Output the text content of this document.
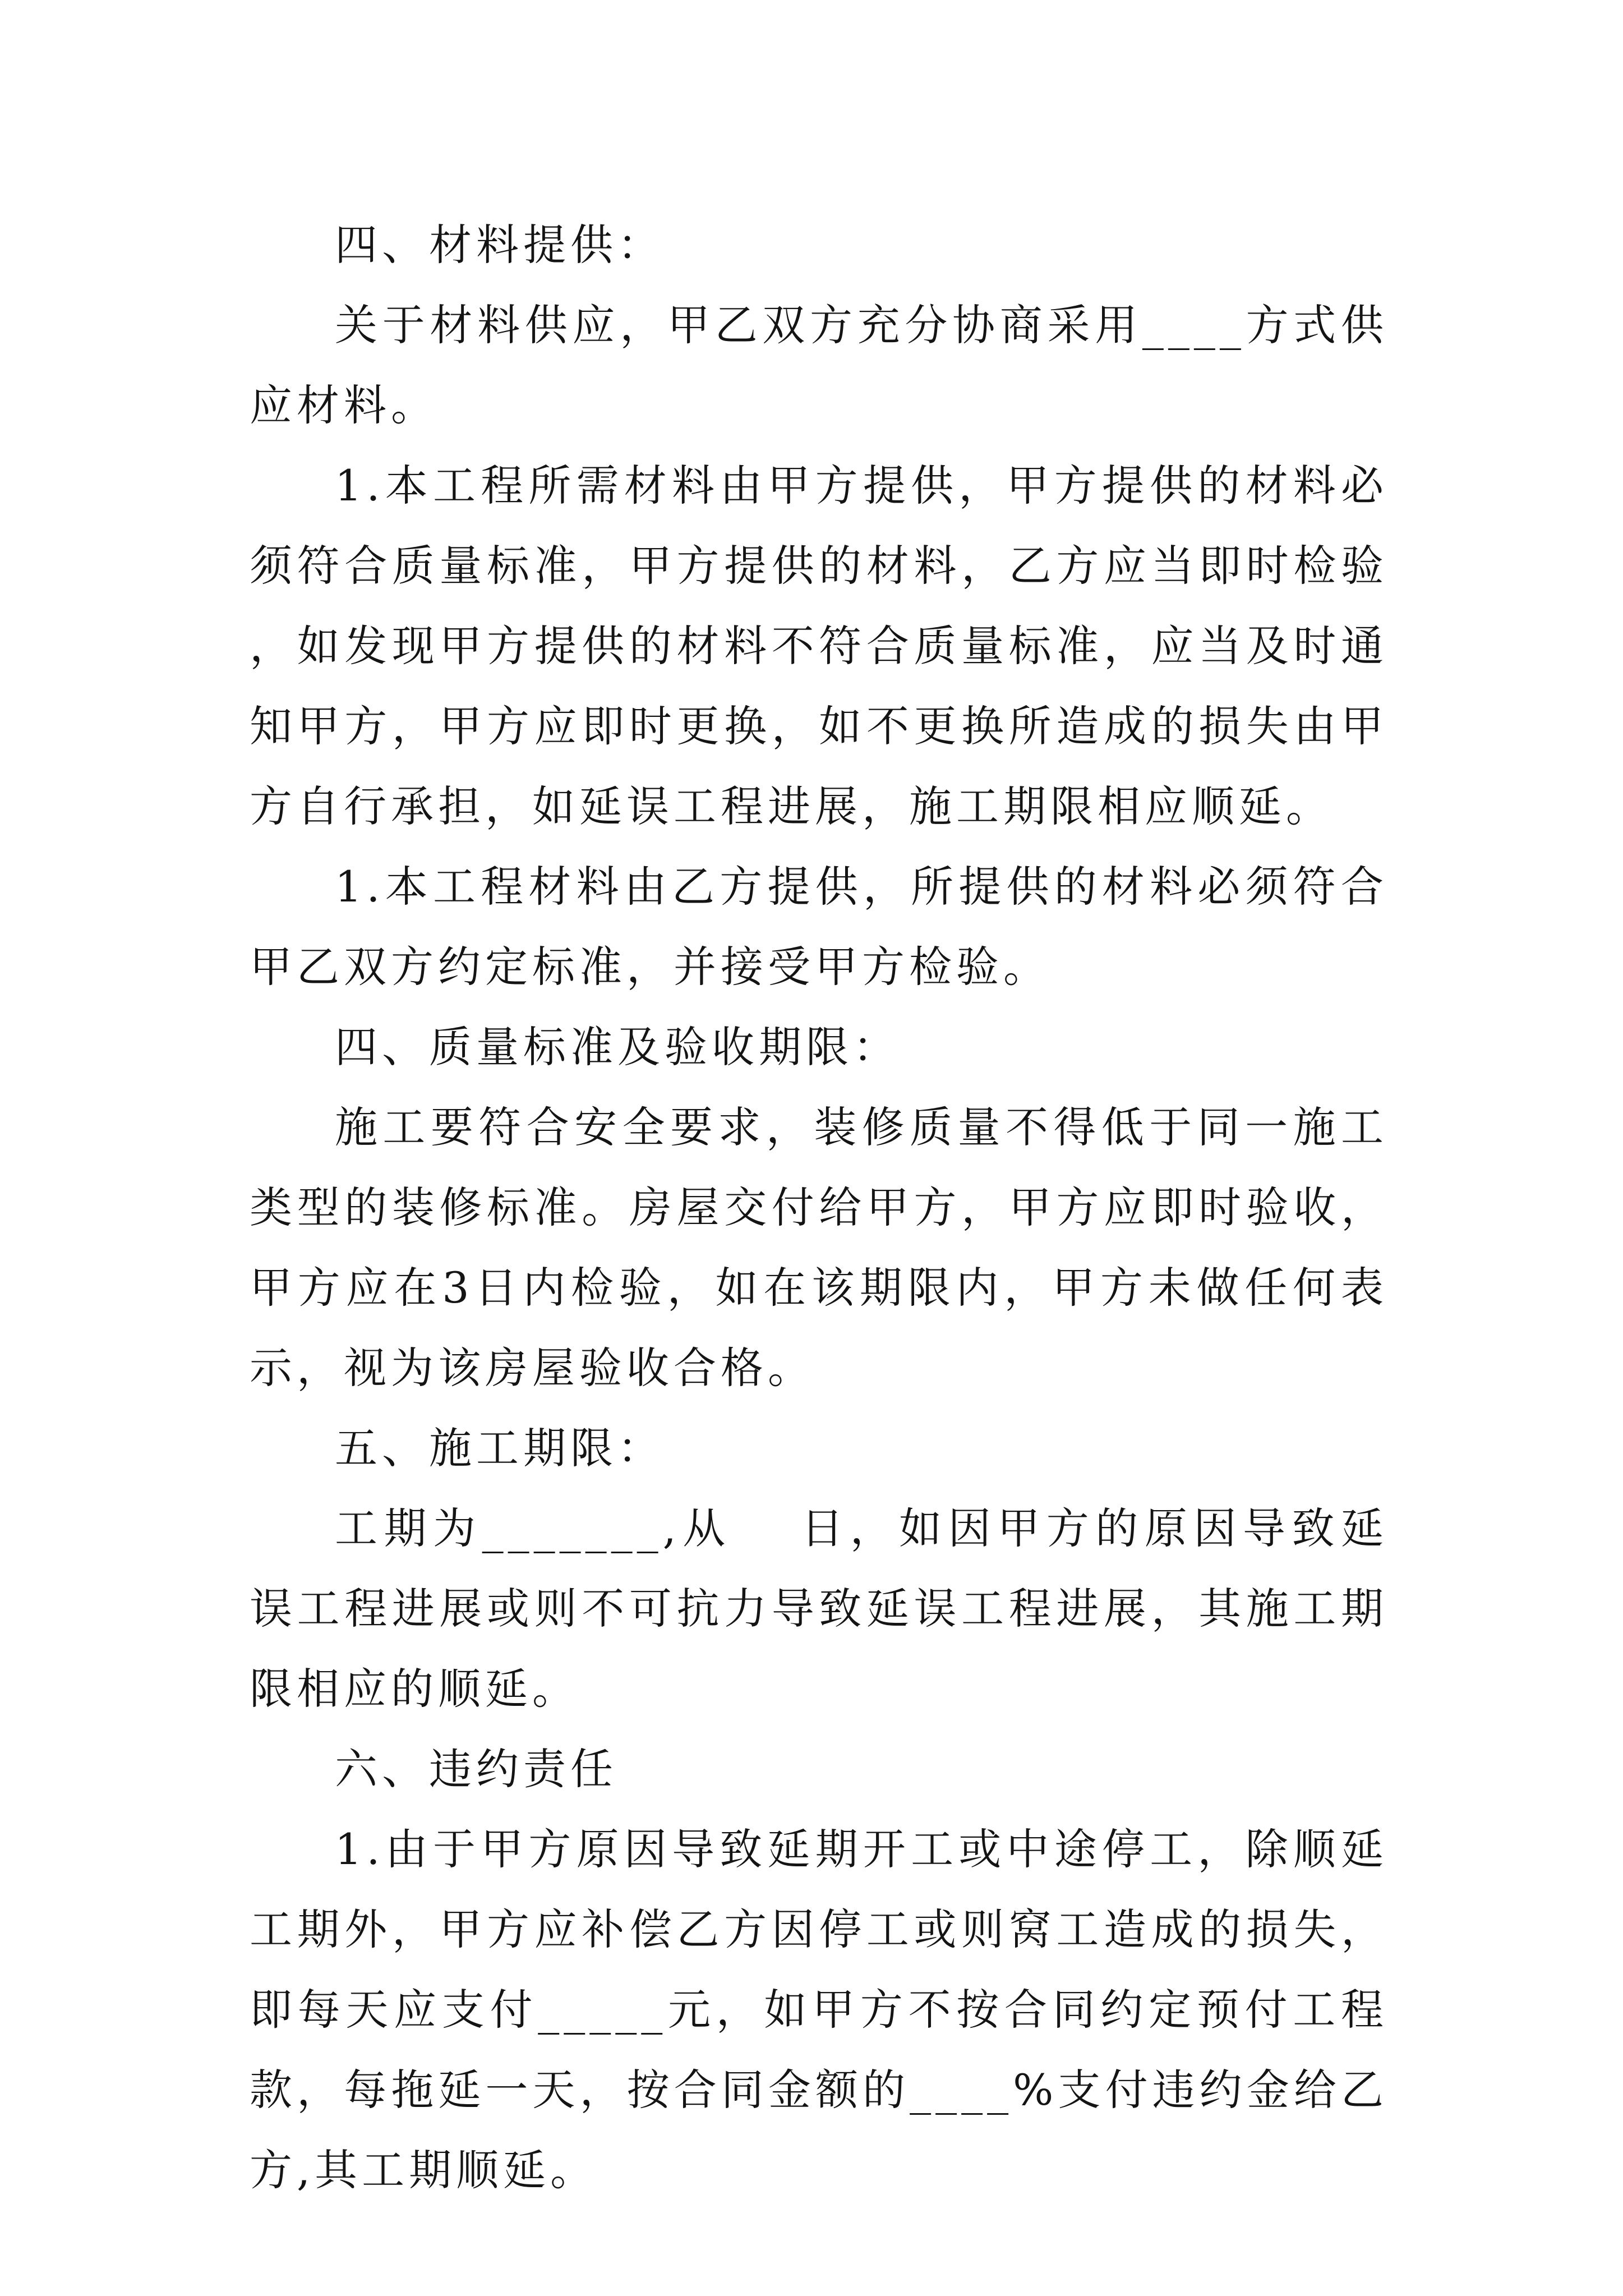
四、材料提供：

关于材料供应，甲乙双方充分协商采用____方式供应材料。

1.本工程所需材料由甲方提供，甲方提供的材料必须符合质量标准，甲方提供的材料，乙方应当即时检验，如发现甲方提供的材料不符合质量标准，应当及时通知甲方，甲方应即时更换，如不更换所造成的损失由甲方自行承担，如延误工程进展，施工期限相应顺延。

1.本工程材料由乙方提供，所提供的材料必须符合甲乙双方约定标准，并接受甲方检验。

四、质量标准及验收期限：

施工要符合安全要求，装修质量不得低于同一施工类型的装修标准。房屋交付给甲方，甲方应即时验收，甲方应在3日内检验，如在该期限内，甲方未做任何表示，视为该房屋验收合格。

五、施工期限：

工期为_______,从　 日，如因甲方的原因导致延误工程进展或则不可抗力导致延误工程进展，其施工期限相应的顺延。

六、违约责任

1.由于甲方原因导致延期开工或中途停工，除顺延工期外，甲方应补偿乙方因停工或则窝工造成的损失，即每天应支付_____元，如甲方不按合同约定预付工程款，每拖延一天，按合同金额的____%支付违约金给乙方,其工期顺延。
